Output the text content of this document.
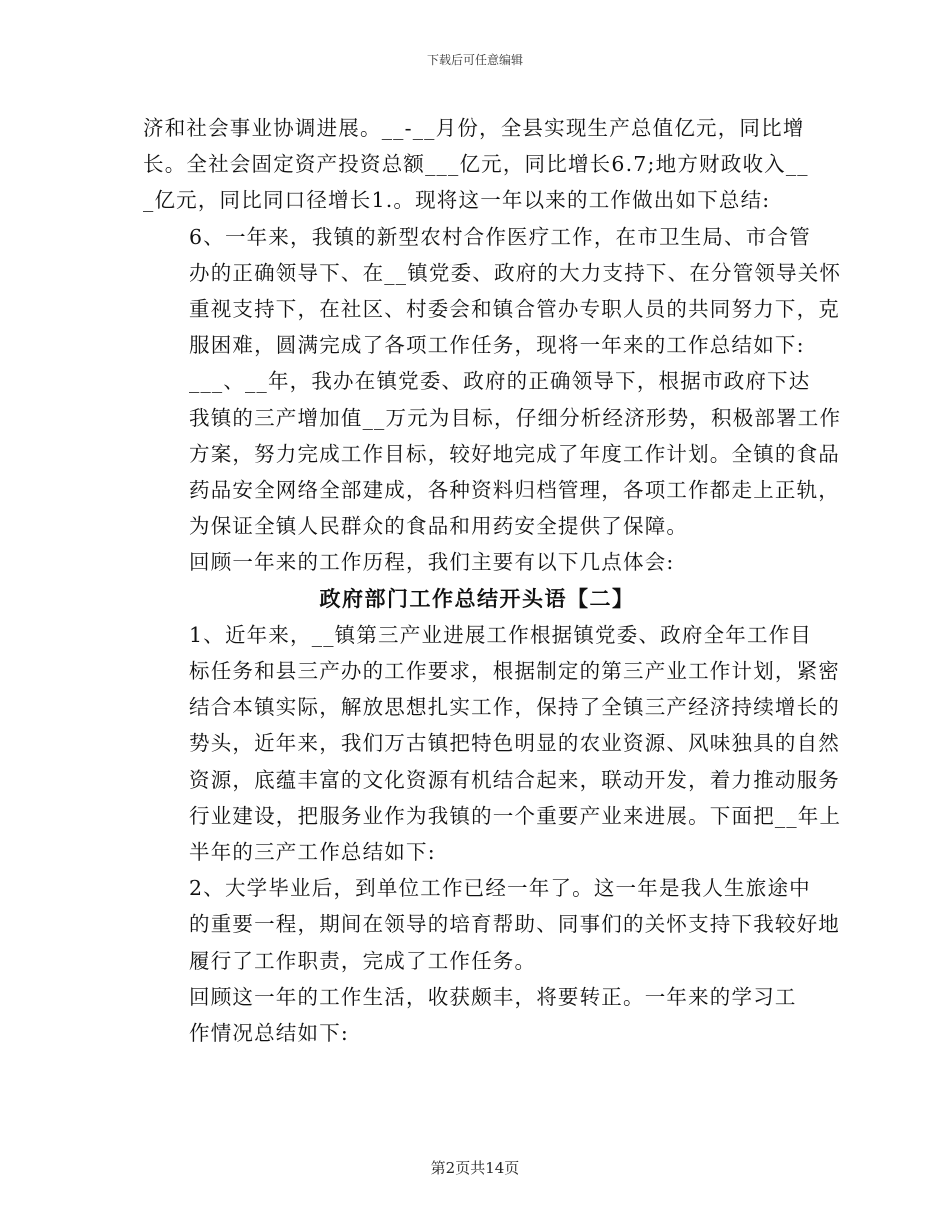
下载后可任意编辑

济和社会事业协调进展。__-__月份，全县实现生产总值亿元，同比增
长。全社会固定资产投资总额___亿元，同比增长6.7;地方财政收入__
_亿元，同比同口径增长1.。现将这一年以来的工作做出如下总结:

6、一年来，我镇的新型农村合作医疗工作，在市卫生局、市合管
办的正确领导下、在__镇党委、政府的大力支持下、在分管领导关怀
重视支持下，在社区、村委会和镇合管办专职人员的共同努力下，克
服困难，圆满完成了各项工作任务，现将一年来的工作总结如下:

___、__年，我办在镇党委、政府的正确领导下，根据市政府下达
我镇的三产增加值__万元为目标，仔细分析经济形势，积极部署工作
方案，努力完成工作目标，较好地完成了年度工作计划。全镇的食品
药品安全网络全部建成，各种资料归档管理，各项工作都走上正轨，
为保证全镇人民群众的食品和用药安全提供了保障。

回顾一年来的工作历程，我们主要有以下几点体会:

政府部门工作总结开头语【二】

1、近年来，__镇第三产业进展工作根据镇党委、政府全年工作目
标任务和县三产办的工作要求，根据制定的第三产业工作计划，紧密
结合本镇实际，解放思想扎实工作，保持了全镇三产经济持续增长的
势头，近年来，我们万古镇把特色明显的农业资源、风味独具的自然
资源，底蕴丰富的文化资源有机结合起来，联动开发，着力推动服务
行业建设，把服务业作为我镇的一个重要产业来进展。下面把__年上
半年的三产工作总结如下:

2、大学毕业后，到单位工作已经一年了。这一年是我人生旅途中
的重要一程，期间在领导的培育帮助、同事们的关怀支持下我较好地
履行了工作职责，完成了工作任务。

回顾这一年的工作生活，收获颇丰，将要转正。一年来的学习工
作情况总结如下:

第2页共14页
